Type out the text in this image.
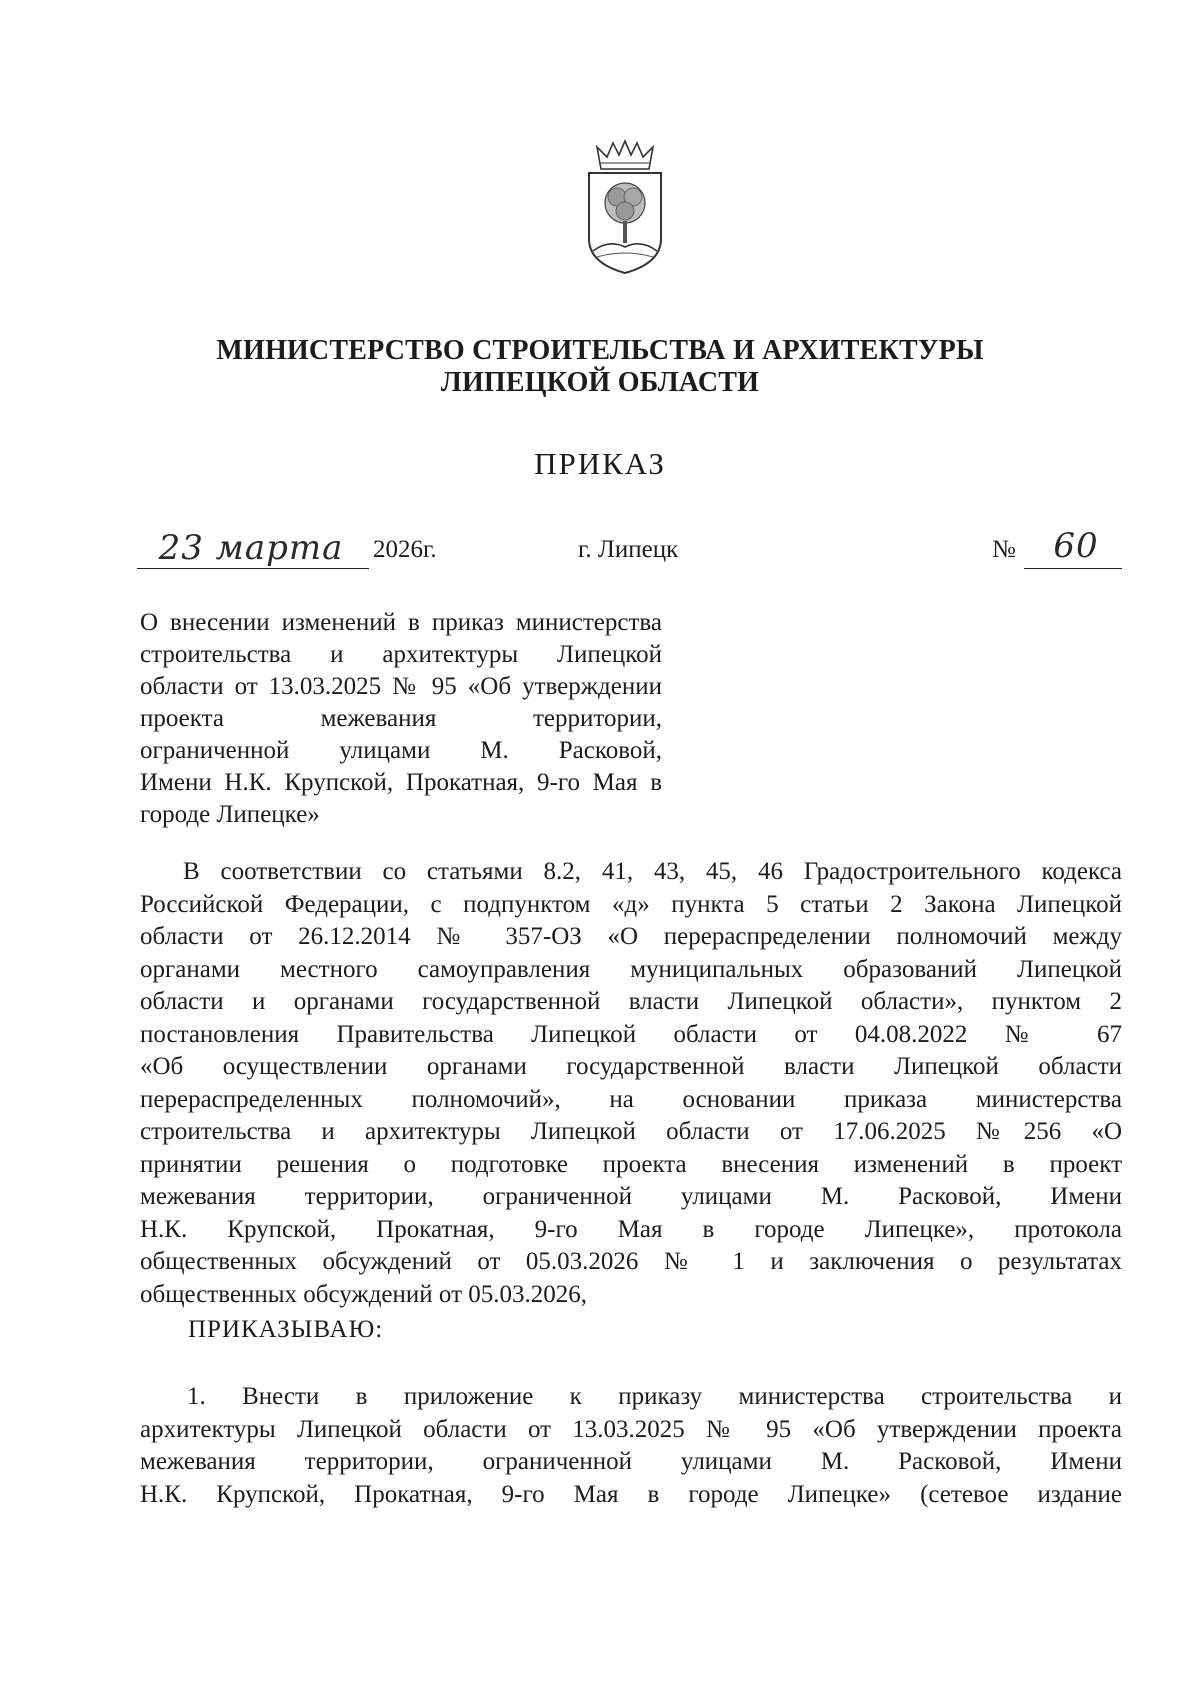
МИНИСТЕРСТВО СТРОИТЕЛЬСТВА И АРХИТЕКТУРЫ
ЛИПЕЦКОЙ ОБЛАСТИ
ПРИКАЗ
23 марта	2026г.	г. Липецк	№	60
О внесении изменений в приказ министерства
строительства и архитектуры Липецкой
области от 13.03.2025 № 95 «Об утверждении
проекта межевания территории,
ограниченной улицами М. Расковой,
Имени Н.К. Крупской, Прокатная, 9-го Мая в
городе Липецке»
В соответствии со статьями 8.2, 41, 43, 45, 46 Градостроительного кодекса
Российской Федерации, с подпунктом «д» пункта 5 статьи 2 Закона Липецкой
области от 26.12.2014 № 357-ОЗ «О перераспределении полномочий между
органами местного самоуправления муниципальных образований Липецкой
области и органами государственной власти Липецкой области», пунктом 2
постановления Правительства Липецкой области от 04.08.2022 № 67
«Об осуществлении органами государственной власти Липецкой области
перераспределенных полномочий», на основании приказа министерства
строительства и архитектуры Липецкой области от 17.06.2025 №256 «О
принятии решения о подготовке проекта внесения изменений в проект
межевания территории, ограниченной улицами М. Расковой, Имени
Н.К. Крупской, Прокатная, 9-го Мая в городе Липецке», протокола
общественных обсуждений от 05.03.2026 № 1 и заключения о результатах
общественных обсуждений от 05.03.2026,
ПРИКАЗЫВАЮ:
1. Внести в приложение к приказу министерства строительства и
архитектуры Липецкой области от 13.03.2025 № 95 «Об утверждении проекта
межевания территории, ограниченной улицами М. Расковой, Имени
Н.К. Крупской, Прокатная, 9-го Мая в городе Липецке» (сетевое издание
